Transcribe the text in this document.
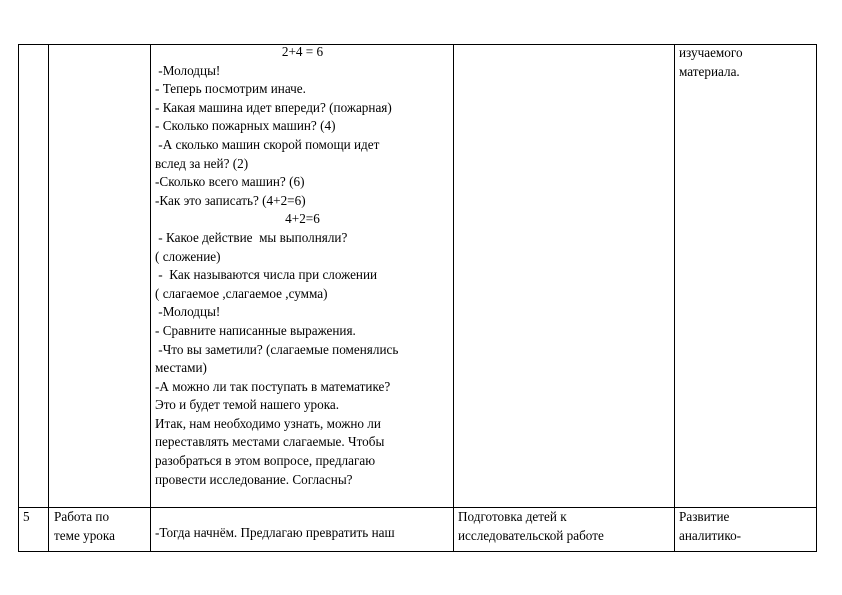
2+4 = 6
-Молодцы!
- Теперь посмотрим иначе.
- Какая машина идет впереди? (пожарная)
- Сколько пожарных машин? (4)
-А сколько машин скорой помощи идет
вслед за ней? (2)
-Сколько всего машин? (6)
-Как это записать? (4+2=6)
4+2=6
- Какое действие  мы выполняли?
( сложение)
-  Как называются числа при сложении
( слагаемое ,слагаемое ,сумма)
-Молодцы!
- Сравните написанные выражения.
-Что вы заметили? (слагаемые поменялись
местами)
-А можно ли так поступать в математике?
Это и будет темой нашего урока.
Итак, нам необходимо узнать, можно ли
переставлять местами слагаемые. Чтобы
разобраться в этом вопросе, предлагаю
провести исследование. Согласны?
изучаемого
материала.
5 Работа по
теме урока	-Тогда начнём. Предлагаю превратить наш
Подготовка детей к
исследовательской работе
Развитие
аналитико-
